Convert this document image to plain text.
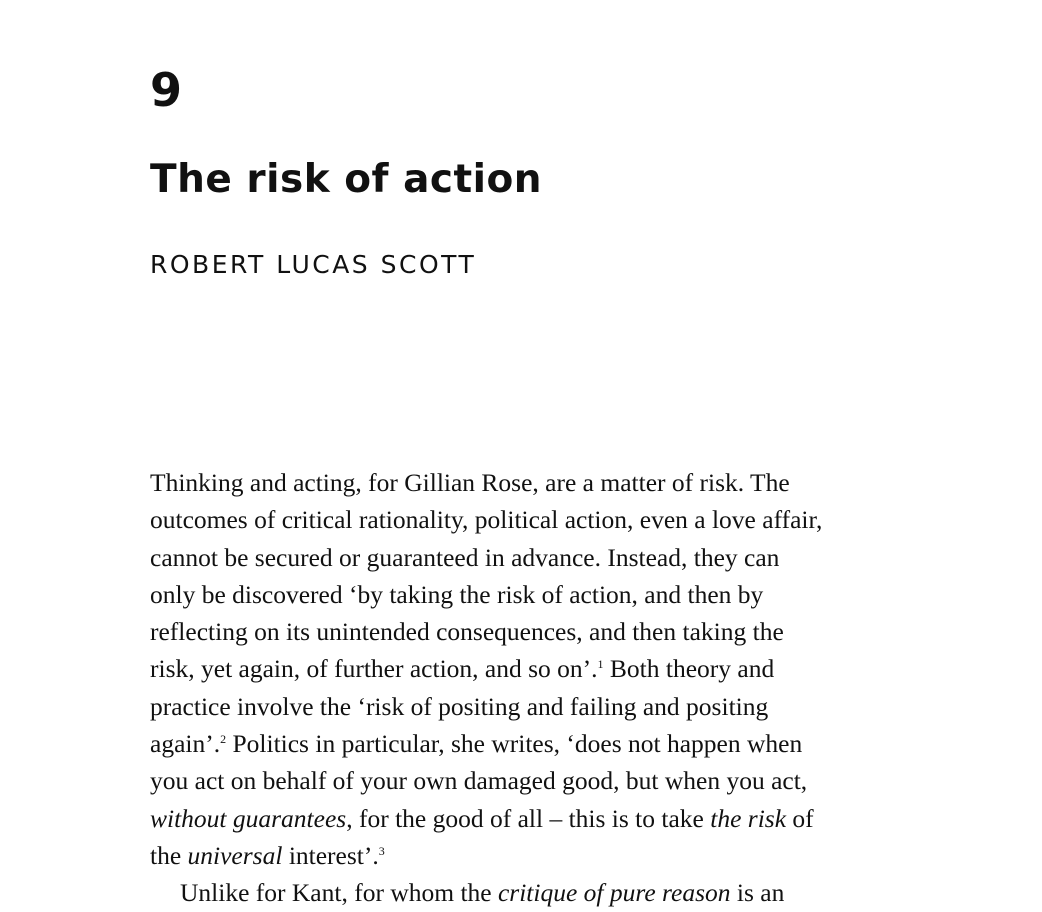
9
The risk of action

ROBERT LUCAS SCOTT

Thinking and acting, for Gillian Rose, are a matter of risk. The
outcomes of critical rationality, political action, even a love affair,
cannot be secured or guaranteed in advance. Instead, they can
only be discovered ‘by taking the risk of action, and then by
reflecting on its unintended consequences, and then taking the
risk, yet again, of further action, and so on’.$^1$ Both theory and
practice involve the ‘risk of positing and failing and positing
again’.$^2$ Politics in particular, she writes, ‘does not happen when
you act on behalf of your own damaged good, but when you act,
without guarantees, for the good of all – this is to take the risk of
the universal interest’.$^3$
Unlike for Kant, for whom the critique of pure reason is an
